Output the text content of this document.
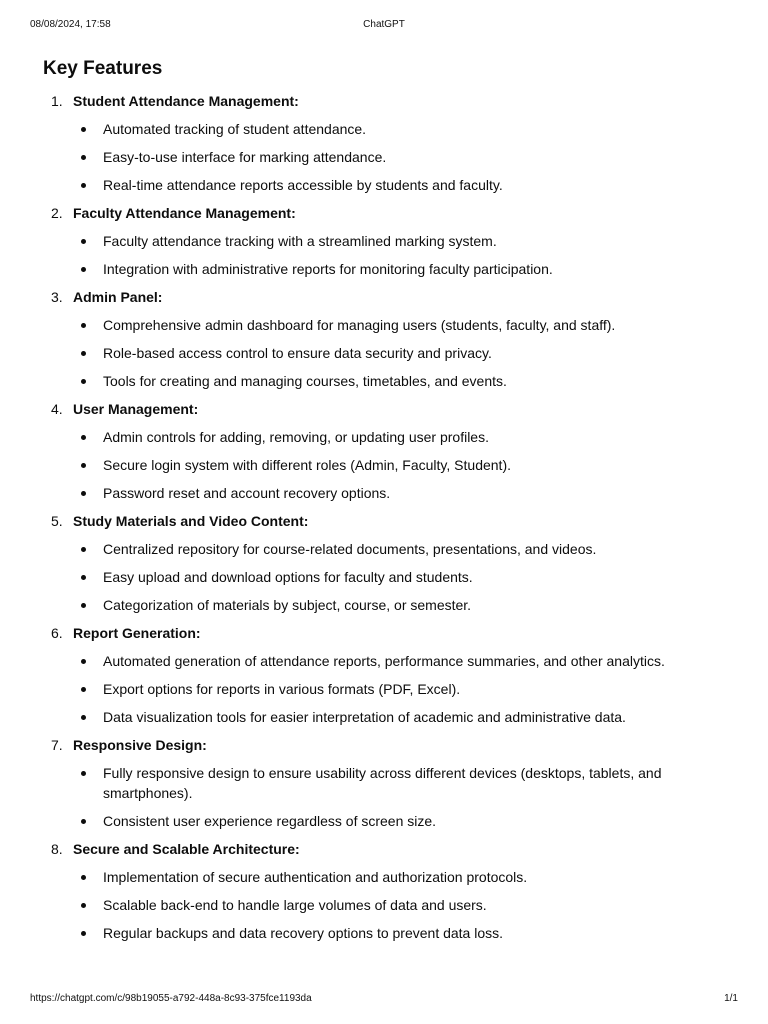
08/08/2024, 17:58	ChatGPT
Key Features
1. Student Attendance Management:
Automated tracking of student attendance.
Easy-to-use interface for marking attendance.
Real-time attendance reports accessible by students and faculty.
2. Faculty Attendance Management:
Faculty attendance tracking with a streamlined marking system.
Integration with administrative reports for monitoring faculty participation.
3. Admin Panel:
Comprehensive admin dashboard for managing users (students, faculty, and staff).
Role-based access control to ensure data security and privacy.
Tools for creating and managing courses, timetables, and events.
4. User Management:
Admin controls for adding, removing, or updating user profiles.
Secure login system with different roles (Admin, Faculty, Student).
Password reset and account recovery options.
5. Study Materials and Video Content:
Centralized repository for course-related documents, presentations, and videos.
Easy upload and download options for faculty and students.
Categorization of materials by subject, course, or semester.
6. Report Generation:
Automated generation of attendance reports, performance summaries, and other analytics.
Export options for reports in various formats (PDF, Excel).
Data visualization tools for easier interpretation of academic and administrative data.
7. Responsive Design:
Fully responsive design to ensure usability across different devices (desktops, tablets, and smartphones).
Consistent user experience regardless of screen size.
8. Secure and Scalable Architecture:
Implementation of secure authentication and authorization protocols.
Scalable back-end to handle large volumes of data and users.
Regular backups and data recovery options to prevent data loss.
https://chatgpt.com/c/98b19055-a792-448a-8c93-375fce1193da	1/1
